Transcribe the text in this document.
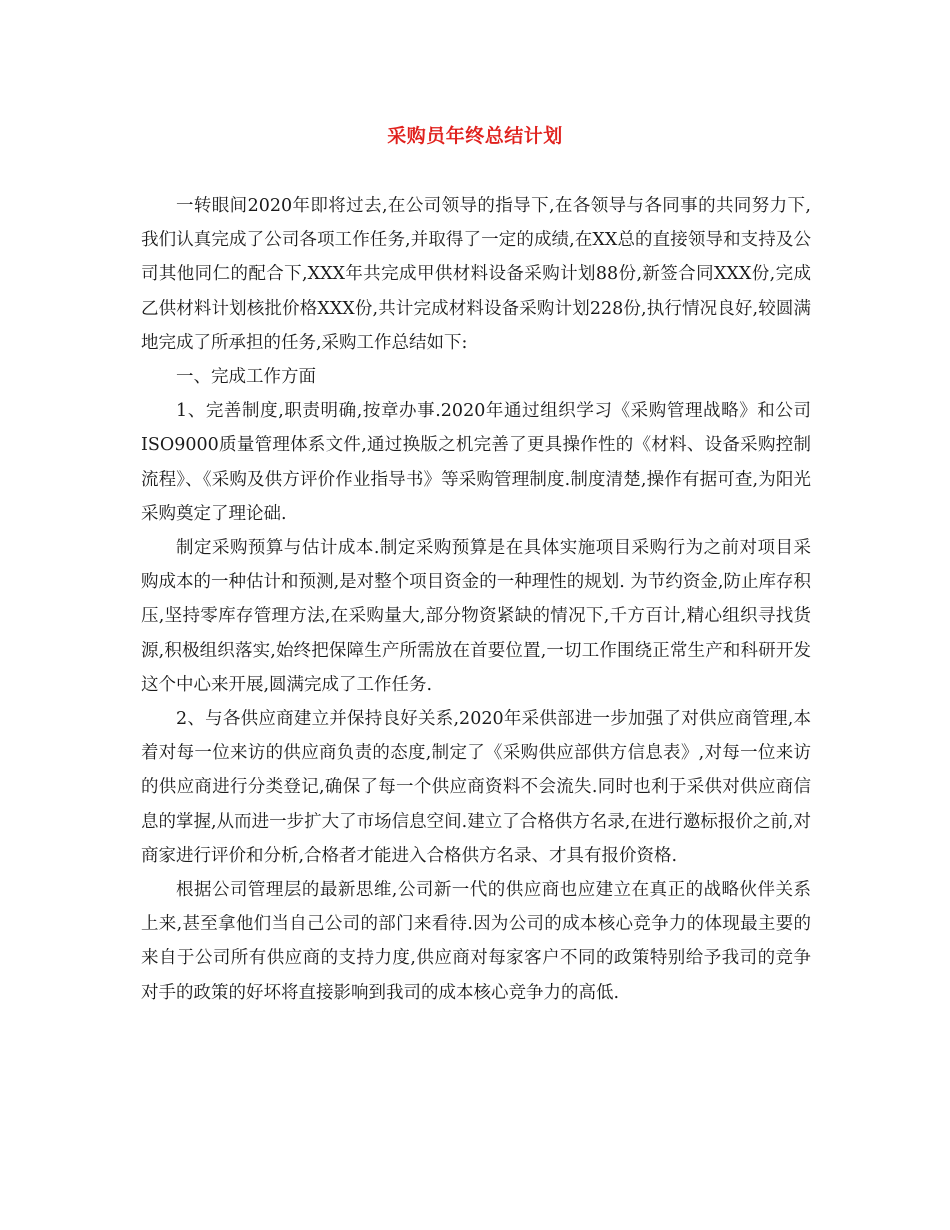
采购员年终总结计划

一转眼间2020年即将过去,在公司领导的指导下,在各领导与各同事的共同努力下,我们认真完成了公司各项工作任务,并取得了一定的成绩,在XX总的直接领导和支持及公司其他同仁的配合下,XXX年共完成甲供材料设备采购计划88份,新签合同XXX份,完成乙供材料计划核批价格XXX份,共计完成材料设备采购计划228份,执行情况良好,较圆满地完成了所承担的任务,采购工作总结如下:

一、完成工作方面

1、完善制度,职责明确,按章办事.2020年通过组织学习《采购管理战略》和公司ISO9000质量管理体系文件,通过换版之机完善了更具操作性的《材料、设备采购控制流程》、《采购及供方评价作业指导书》等采购管理制度.制度清楚,操作有据可查,为阳光采购奠定了理论础.

制定采购预算与估计成本.制定采购预算是在具体实施项目采购行为之前对项目采购成本的一种估计和预测,是对整个项目资金的一种理性的规划. 为节约资金,防止库存积压,坚持零库存管理方法,在采购量大,部分物资紧缺的情况下,千方百计,精心组织寻找货源,积极组织落实,始终把保障生产所需放在首要位置,一切工作围绕正常生产和科研开发这个中心来开展,圆满完成了工作任务.

2、与各供应商建立并保持良好关系,2020年采供部进一步加强了对供应商管理,本着对每一位来访的供应商负责的态度,制定了《采购供应部供方信息表》,对每一位来访的供应商进行分类登记,确保了每一个供应商资料不会流失.同时也利于采供对供应商信息的掌握,从而进一步扩大了市场信息空间.建立了合格供方名录,在进行邀标报价之前,对商家进行评价和分析,合格者才能进入合格供方名录、才具有报价资格.

根据公司管理层的最新思维,公司新一代的供应商也应建立在真正的战略伙伴关系上来,甚至拿他们当自己公司的部门来看待.因为公司的成本核心竞争力的体现最主要的来自于公司所有供应商的支持力度,供应商对每家客户不同的政策特别给予我司的竞争对手的政策的好坏将直接影响到我司的成本核心竞争力的高低.
